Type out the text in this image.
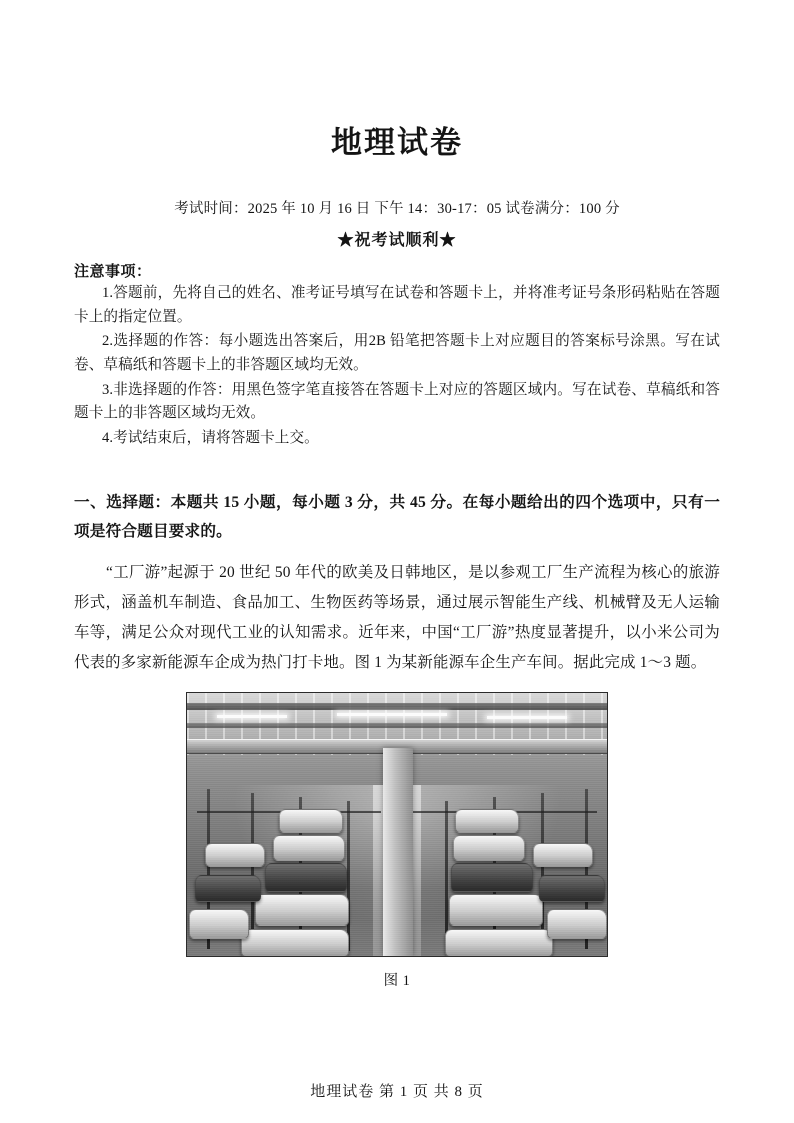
地理试卷
考试时间：2025 年 10 月 16 日 下午 14：30-17：05 试卷满分：100 分
★祝考试顺利★
注意事项：
1.答题前，先将自己的姓名、准考证号填写在试卷和答题卡上，并将准考证号条形码粘贴在答题卡上的指定位置。
2.选择题的作答：每小题选出答案后，用2B 铅笔把答题卡上对应题目的答案标号涂黑。写在试卷、草稿纸和答题卡上的非答题区域均无效。
3.非选择题的作答：用黑色签字笔直接答在答题卡上对应的答题区域内。写在试卷、草稿纸和答题卡上的非答题区域均无效。
4.考试结束后，请将答题卡上交。
一、选择题：本题共 15 小题，每小题 3 分，共 45 分。在每小题给出的四个选项中，只有一项是符合题目要求的。
“工厂游”起源于 20 世纪 50 年代的欧美及日韩地区，是以参观工厂生产流程为核心的旅游形式，涵盖机车制造、食品加工、生物医药等场景，通过展示智能生产线、机械臂及无人运输车等，满足公众对现代工业的认知需求。近年来，中国“工厂游”热度显著提升，以小米公司为代表的多家新能源车企成为热门打卡地。图 1 为某新能源车企生产车间。据此完成 1～3 题。
图 1
地理试卷 第 1 页 共 8 页
